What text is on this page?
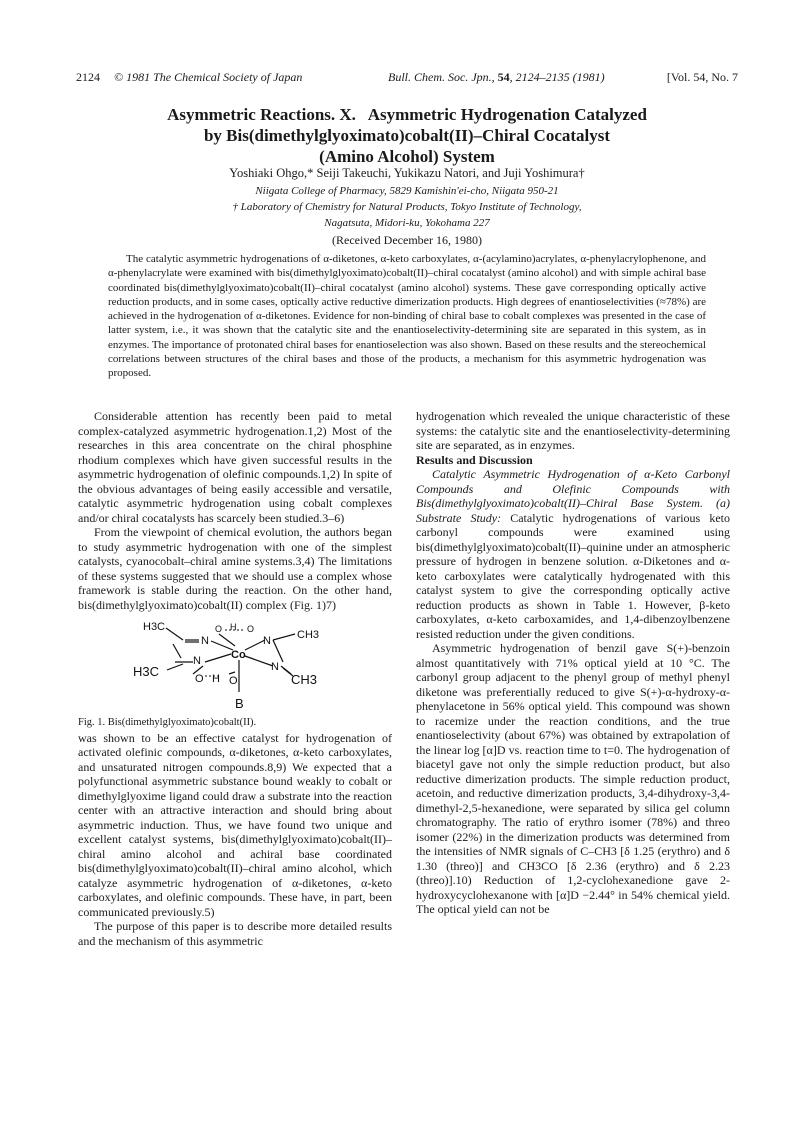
2124 © 1981 The Chemical Society of Japan	Bull. Chem. Soc. Jpn., 54, 2124–2135 (1981)	[Vol. 54, No. 7
Asymmetric Reactions. X.   Asymmetric Hydrogenation Catalyzed
by Bis(dimethylglyoximato)cobalt(II)–Chiral Cocatalyst
(Amino Alcohol) System
Yoshiaki Ohgo,* Seiji Takeuchi, Yukikazu Natori, and Juji Yoshimura†
Niigata College of Pharmacy, 5829 Kamishin'ei-cho, Niigata 950-21
† Laboratory of Chemistry for Natural Products, Tokyo Institute of Technology,
Nagatsuta, Midori-ku, Yokohama 227
(Received December 16, 1980)

The catalytic asymmetric hydrogenations of α-diketones, α-keto carboxylates, α-(acylamino)acrylates, α-phenylacrylophenone, and α-phenylacrylate were examined with bis(dimethylglyoximato)cobalt(II)–chiral cocatalyst (amino alcohol) and with simple achiral base coordinated bis(dimethylglyoximato)cobalt(II)–chiral cocatalyst (amino alcohol) systems. These gave corresponding optically active reduction products, and in some cases, optically active reductive dimerization products. High degrees of enantioselectivities (≈78%) are achieved in the hydrogenation of α-diketones. Evidence for non-binding of chiral base to cobalt complexes was presented in the case of latter system, i.e., it was shown that the catalytic site and the enantioselectivity-determining site are separated in this system, as in enzymes. The importance of protonated chiral bases for enantioselection was also shown. Based on these results and the stereochemical correlations between structures of the chiral bases and those of the products, a mechanism for this asymmetric hydrogenation was proposed.

Considerable attention has recently been paid to metal complex-catalyzed asymmetric hydrogenation.1,2) Most of the researches in this area concentrate on the chiral phosphine rhodium complexes which have given successful results in the asymmetric hydrogenation of olefinic compounds.1,2) In spite of the obvious advantages of being easily accessible and versatile, catalytic asymmetric hydrogenation using cobalt complexes and/or chiral cocatalysts has scarcely been studied.3–6)

From the viewpoint of chemical evolution, the authors began to study asymmetric hydrogenation with one of the simplest catalysts, cyanocobalt–chiral amine systems.3,4) The limitations of these systems suggested that we should use a complex whose framework is stable during the reaction. On the other hand, bis(dimethylglyoximato)cobalt(II) complex (Fig. 1)7)

H3C
N
O H O
N CH3
Co
N	N
H3C
CH3
O H O
B

Fig. 1. Bis(dimethylglyoximato)cobalt(II).

was shown to be an effective catalyst for hydrogenation of activated olefinic compounds, α-diketones, α-keto carboxylates, and unsaturated nitrogen compounds.8,9) We expected that a polyfunctional asymmetric substance bound weakly to cobalt or dimethylglyoxime ligand could draw a substrate into the reaction center with an attractive interaction and should bring about asymmetric induction. Thus, we have found two unique and excellent catalyst systems, bis(dimethylglyoximato)cobalt(II)–chiral amino alcohol and achiral base coordinated bis(dimethylglyoximato)cobalt(II)–chiral amino alcohol, which catalyze asymmetric hydrogenation of α-diketones, α-keto carboxylates, and olefinic compounds. These have, in part, been communicated previously.5)

The purpose of this paper is to describe more detailed results and the mechanism of this asymmetric

hydrogenation which revealed the unique characteristic of these systems: the catalytic site and the enantioselectivity-determining site are separated, as in enzymes.

Results and Discussion

Catalytic Asymmetric Hydrogenation of α-Keto Carbonyl Compounds and Olefinic Compounds with Bis(dimethylglyoximato)cobalt(II)–Chiral Base System. (a) Substrate Study: Catalytic hydrogenations of various keto carbonyl compounds were examined using bis(dimethylglyoximato)cobalt(II)–quinine under an atmospheric pressure of hydrogen in benzene solution. α-Diketones and α-keto carboxylates were catalytically hydrogenated with this catalyst system to give the corresponding optically active reduction products as shown in Table 1. However, β-keto carboxylates, α-keto carboxamides, and 1,4-dibenzoylbenzene resisted reduction under the given conditions.

Asymmetric hydrogenation of benzil gave S(+)-benzoin almost quantitatively with 71% optical yield at 10 °C. The carbonyl group adjacent to the phenyl group of methyl phenyl diketone was preferentially reduced to give S(+)-α-hydroxy-α-phenylacetone in 56% optical yield. This compound was shown to racemize under the reaction conditions, and the true enantioselectivity (about 67%) was obtained by extrapolation of the linear log [α]D vs. reaction time to t=0. The hydrogenation of biacetyl gave not only the simple reduction product, but also reductive dimerization products. The simple reduction product, acetoin, and reductive dimerization products, 3,4-dihydroxy-3,4-dimethyl-2,5-hexanedione, were separated by silica gel column chromatography. The ratio of erythro isomer (78%) and threo isomer (22%) in the dimerization products was determined from the intensities of NMR signals of C–CH3 [δ 1.25 (erythro) and δ 1.30 (threo)] and CH3CO [δ 2.36 (erythro) and δ 2.23 (threo)].10) Reduction of 1,2-cyclohexanedione gave 2-hydroxycyclohexanone with [α]D −2.44° in 54% chemical yield. The optical yield can not be
